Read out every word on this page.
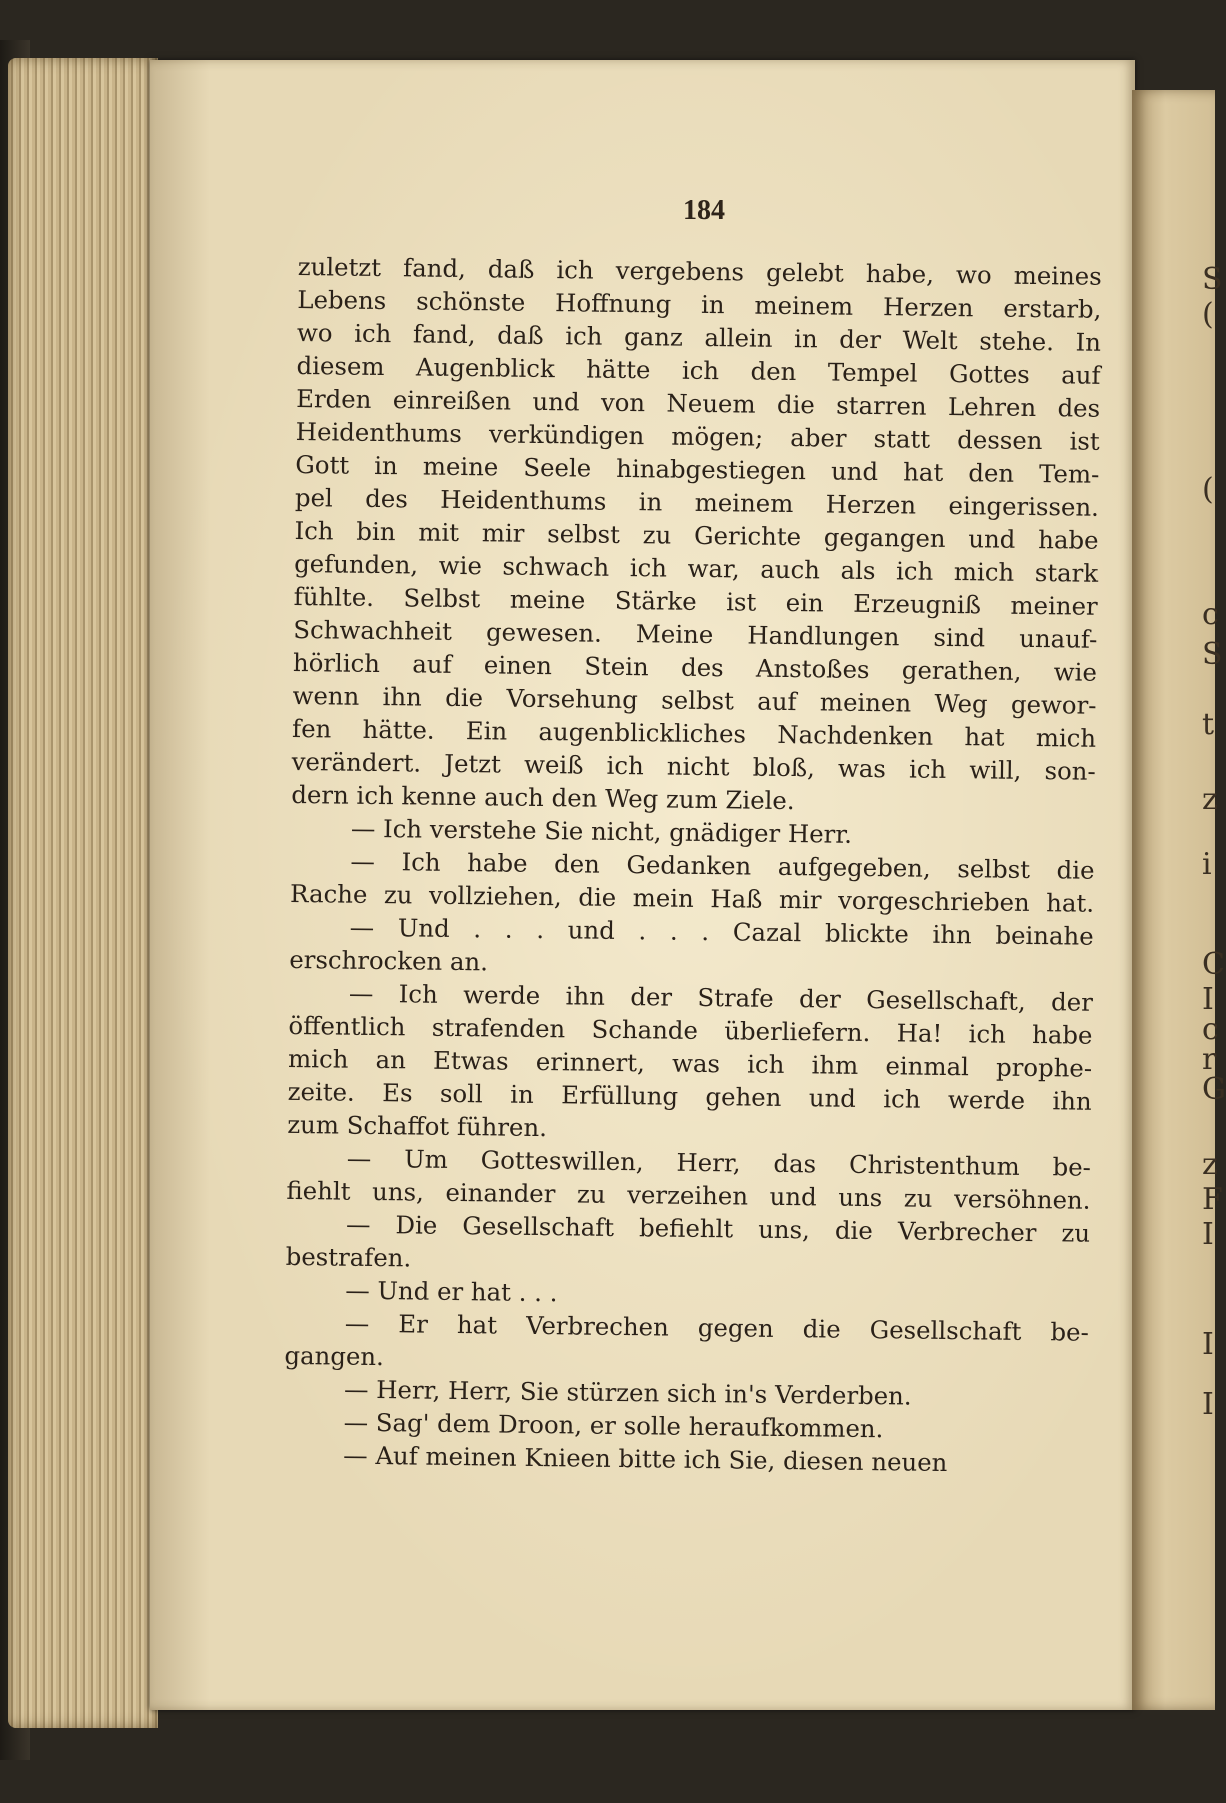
S
(
(
c
S
t
z
i
C
I
c
r
G
z
F
I
I
I
184
zuletzt fand, daß ich vergebens gelebt habe, wo meines
Lebens schönste Hoffnung in meinem Herzen erstarb,
wo ich fand, daß ich ganz allein in der Welt stehe. In
diesem Augenblick hätte ich den Tempel Gottes auf
Erden einreißen und von Neuem die starren Lehren des
Heidenthums verkündigen mögen; aber statt dessen ist
Gott in meine Seele hinabgestiegen und hat den Tem-
pel des Heidenthums in meinem Herzen eingerissen.
Ich bin mit mir selbst zu Gerichte gegangen und habe
gefunden, wie schwach ich war, auch als ich mich stark
fühlte. Selbst meine Stärke ist ein Erzeugniß meiner
Schwachheit gewesen. Meine Handlungen sind unauf-
hörlich auf einen Stein des Anstoßes gerathen, wie
wenn ihn die Vorsehung selbst auf meinen Weg gewor-
fen hätte. Ein augenblickliches Nachdenken hat mich
verändert. Jetzt weiß ich nicht bloß, was ich will, son-
dern ich kenne auch den Weg zum Ziele.
— Ich verstehe Sie nicht, gnädiger Herr.
— Ich habe den Gedanken aufgegeben, selbst die
Rache zu vollziehen, die mein Haß mir vorgeschrieben hat.
— Und . . . und . . . Cazal blickte ihn beinahe
erschrocken an.
— Ich werde ihn der Strafe der Gesellschaft, der
öffentlich strafenden Schande überliefern. Ha! ich habe
mich an Etwas erinnert, was ich ihm einmal prophe-
zeite. Es soll in Erfüllung gehen und ich werde ihn
zum Schaffot führen.
— Um Gotteswillen, Herr, das Christenthum be-
fiehlt uns, einander zu verzeihen und uns zu versöhnen.
— Die Gesellschaft befiehlt uns, die Verbrecher zu
bestrafen.
— Und er hat . . .
— Er hat Verbrechen gegen die Gesellschaft be-
gangen.
— Herr, Herr, Sie stürzen sich in's Verderben.
— Sag' dem Droon, er solle heraufkommen.
— Auf meinen Knieen bitte ich Sie, diesen neuen
